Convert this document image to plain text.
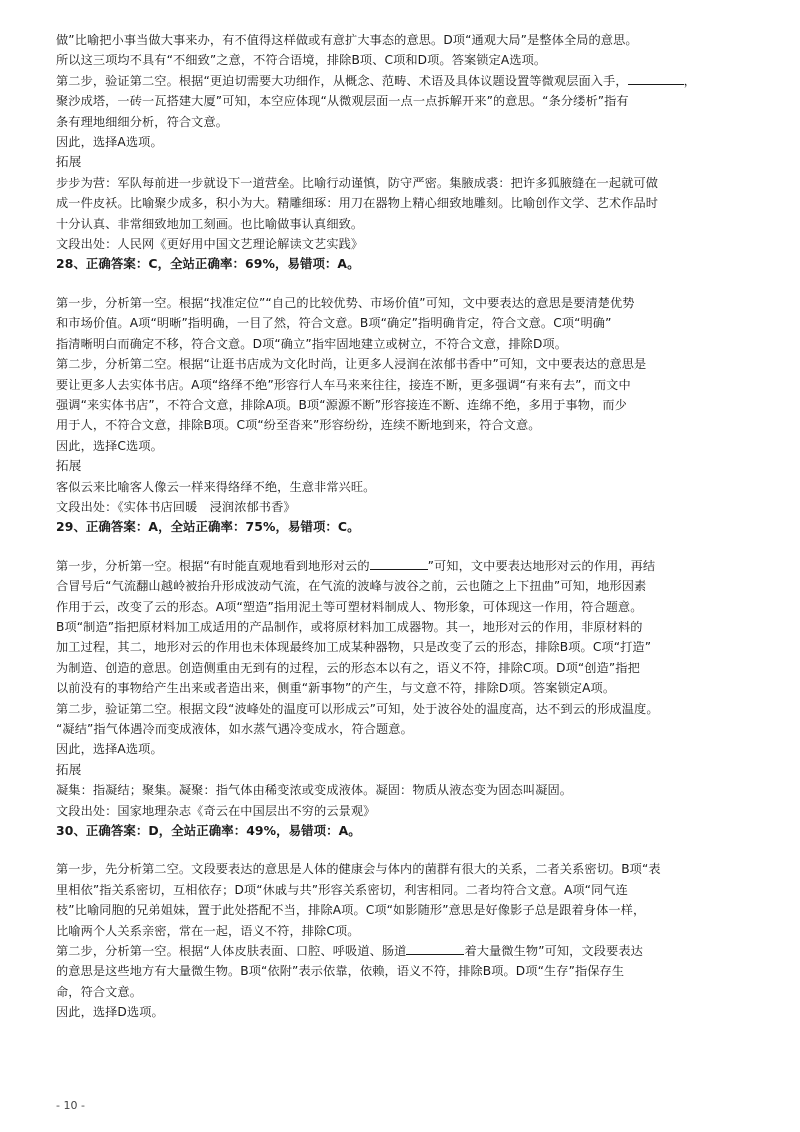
做”比喻把小事当做大事来办，有不值得这样做或有意扩大事态的意思。D项“通观大局”是整体全局的意思。

所以这三项均不具有“不细致”之意，不符合语境，排除B项、C项和D项。答案锁定A选项。

第二步，验证第二空。根据“更迫切需要大功细作，从概念、范畴、术语及具体议题设置等微观层面入手，	，

聚沙成塔，一砖一瓦搭建大厦”可知，本空应体现“从微观层面一点一点拆解开来”的意思。“条分缕析”指有

条有理地细细分析，符合文意。

因此，选择A选项。

拓展

步步为营：军队每前进一步就设下一道营垒。比喻行动谨慎，防守严密。集腋成裘：把许多狐腋缝在一起就可做

成一件皮袄。比喻聚少成多，积小为大。精雕细琢：用刀在器物上精心细致地雕刻。比喻创作文学、艺术作品时

十分认真、非常细致地加工刻画。也比喻做事认真细致。

文段出处：人民网《更好用中国文艺理论解读文艺实践》

28、正确答案：C，全站正确率：69%，易错项：A。

第一步，分析第一空。根据“找准定位”“自己的比较优势、市场价值”可知，文中要表达的意思是要清楚优势

和市场价值。A项“明晰”指明确，一目了然，符合文意。B项“确定”指明确肯定，符合文意。C项“明确”

指清晰明白而确定不移，符合文意。D项“确立”指牢固地建立或树立，不符合文意，排除D项。

第二步，分析第二空。根据“让逛书店成为文化时尚，让更多人浸润在浓郁书香中”可知，文中要表达的意思是

要让更多人去实体书店。A项“络绎不绝”形容行人车马来来往往，接连不断，更多强调“有来有去”，而文中

强调“来实体书店”，不符合文意，排除A项。B项“源源不断”形容接连不断、连绵不绝，多用于事物，而少

用于人，不符合文意，排除B项。C项“纷至沓来”形容纷纷，连续不断地到来，符合文意。

因此，选择C选项。

拓展

客似云来比喻客人像云一样来得络绎不绝，生意非常兴旺。

文段出处：《实体书店回暖　浸润浓郁书香》

29、正确答案：A，全站正确率：75%，易错项：C。

第一步，分析第一空。根据“有时能直观地看到地形对云的	”可知，文中要表达地形对云的作用，再结

合冒号后“气流翻山越岭被抬升形成波动气流，在气流的波峰与波谷之前，云也随之上下扭曲”可知，地形因素

作用于云，改变了云的形态。A项“塑造”指用泥土等可塑材料制成人、物形象，可体现这一作用，符合题意。

B项“制造”指把原材料加工成适用的产品制作，或将原材料加工成器物。其一，地形对云的作用，非原材料的

加工过程，其二，地形对云的作用也未体现最终加工成某种器物，只是改变了云的形态，排除B项。C项“打造”

为制造、创造的意思。创造侧重由无到有的过程，云的形态本以有之，语义不符，排除C项。D项“创造”指把

以前没有的事物给产生出来或者造出来，侧重“新事物”的产生，与文意不符，排除D项。答案锁定A项。

第二步，验证第二空。根据文段“波峰处的温度可以形成云”可知，处于波谷处的温度高，达不到云的形成温度。

“凝结”指气体遇冷而变成液体，如水蒸气遇冷变成水，符合题意。

因此，选择A选项。

拓展

凝集：指凝结；聚集。凝聚：指气体由稀变浓或变成液体。凝固：物质从液态变为固态叫凝固。

文段出处：国家地理杂志《奇云在中国层出不穷的云景观》

30、正确答案：D，全站正确率：49%，易错项：A。

第一步，先分析第二空。文段要表达的意思是人体的健康会与体内的菌群有很大的关系，二者关系密切。B项“表

里相依”指关系密切，互相依存；D项“休戚与共”形容关系密切，利害相同。二者均符合文意。A项“同气连

枝”比喻同胞的兄弟姐妹，置于此处搭配不当，排除A项。C项“如影随形”意思是好像影子总是跟着身体一样，

比喻两个人关系亲密，常在一起，语义不符，排除C项。

第二步，分析第一空。根据“人体皮肤表面、口腔、呼吸道、肠道	着大量微生物”可知，文段要表达

的意思是这些地方有大量微生物。B项“依附”表示依靠，依赖，语义不符，排除B项。D项“生存”指保存生

命，符合文意。

因此，选择D选项。

- 10 -
